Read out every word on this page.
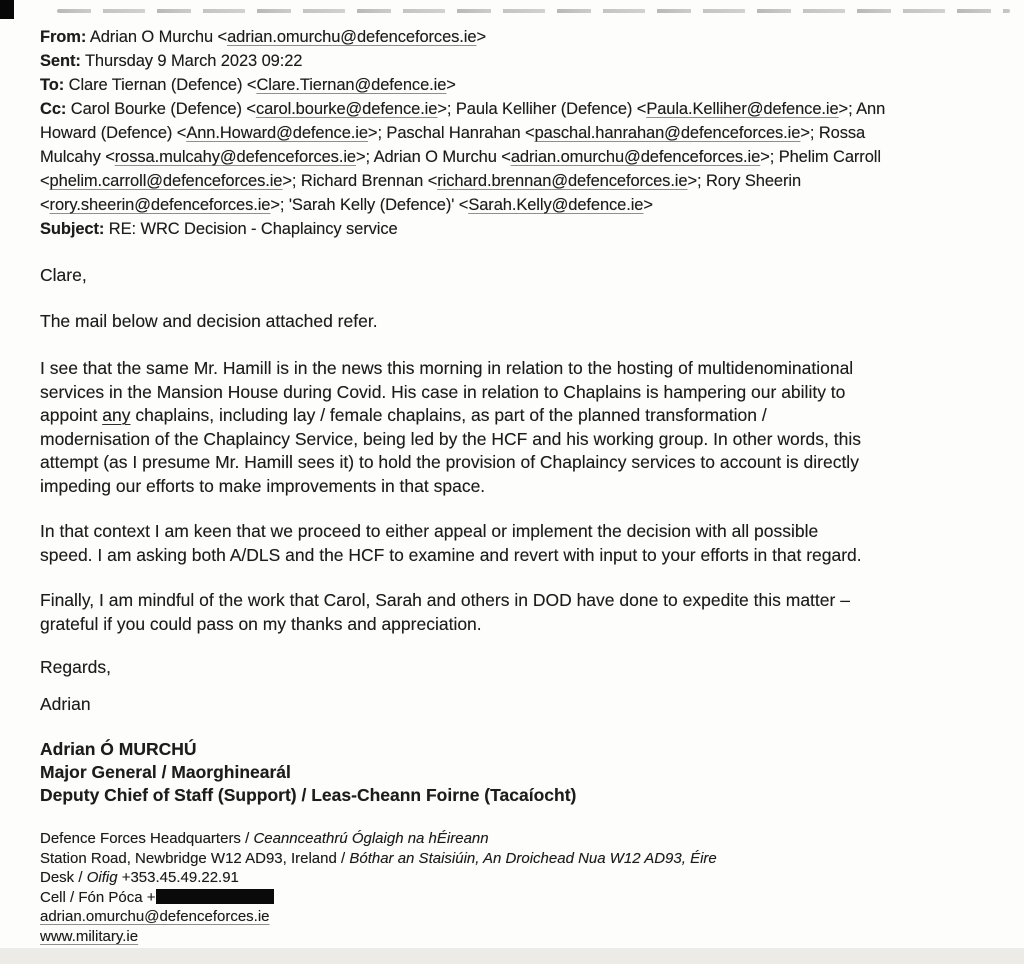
From: Adrian O Murchu <adrian.omurchu@defenceforces.ie>
Sent: Thursday 9 March 2023 09:22
To: Clare Tiernan (Defence) <Clare.Tiernan@defence.ie>
Cc: Carol Bourke (Defence) <carol.bourke@defence.ie>; Paula Kelliher (Defence) <Paula.Kelliher@defence.ie>; Ann
Howard (Defence) <Ann.Howard@defence.ie>; Paschal Hanrahan <paschal.hanrahan@defenceforces.ie>; Rossa
Mulcahy <rossa.mulcahy@defenceforces.ie>; Adrian O Murchu <adrian.omurchu@defenceforces.ie>; Phelim Carroll
<phelim.carroll@defenceforces.ie>; Richard Brennan <richard.brennan@defenceforces.ie>; Rory Sheerin
<rory.sheerin@defenceforces.ie>; 'Sarah Kelly (Defence)' <Sarah.Kelly@defence.ie>
Subject: RE: WRC Decision - Chaplaincy service
Clare,
The mail below and decision attached refer.
I see that the same Mr. Hamill is in the news this morning in relation to the hosting of multidenominational
services in the Mansion House during Covid. His case in relation to Chaplains is hampering our ability to
appoint any chaplains, including lay / female chaplains, as part of the planned transformation /
modernisation of the Chaplaincy Service, being led by the HCF and his working group. In other words, this
attempt (as I presume Mr. Hamill sees it) to hold the provision of Chaplaincy services to account is directly
impeding our efforts to make improvements in that space.
In that context I am keen that we proceed to either appeal or implement the decision with all possible
speed. I am asking both A/DLS and the HCF to examine and revert with input to your efforts in that regard.
Finally, I am mindful of the work that Carol, Sarah and others in DOD have done to expedite this matter –
grateful if you could pass on my thanks and appreciation.
Regards,
Adrian
Adrian Ó MURCHÚ
Major General / Maorghinearál
Deputy Chief of Staff (Support) / Leas-Cheann Foirne (Tacaíocht)
Defence Forces Headquarters / Ceannceathrú Óglaigh na hÉireann
Station Road, Newbridge W12 AD93, Ireland / Bóthar an Staisiúin, An Droichead Nua W12 AD93, Éire
Desk / Oifig +353.45.49.22.91
Cell / Fón Póca +
adrian.omurchu@defenceforces.ie
www.military.ie
